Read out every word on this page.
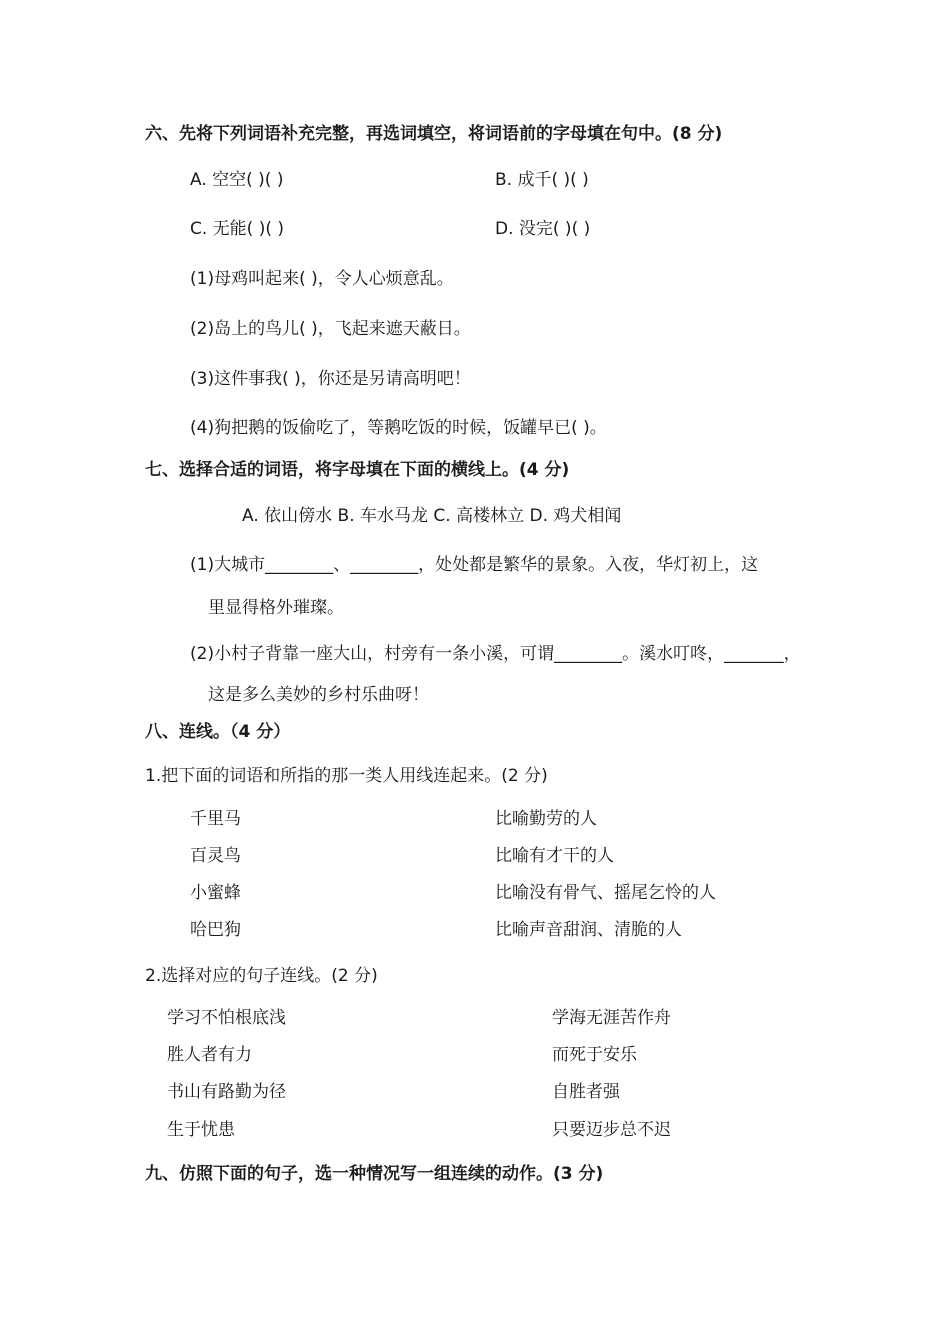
六、先将下列词语补充完整，再选词填空，将词语前的字母填在句中。(8 分)
A. 空空( )( )	B. 成千( )( )
C. 无能( )( )	D. 没完( )( )
(1)母鸡叫起来( )，令人心烦意乱。
(2)岛上的鸟儿( )，飞起来遮天蔽日。
(3)这件事我( )，你还是另请高明吧！
(4)狗把鹅的饭偷吃了，等鹅吃饭的时候，饭罐早已( )。
七、选择合适的词语，将字母填在下面的横线上。(4 分)
A. 依山傍水 B. 车水马龙 C. 高楼林立 D. 鸡犬相闻
(1)大城市________、________，处处都是繁华的景象。入夜，华灯初上，这
里显得格外璀璨。
(2)小村子背靠一座大山，村旁有一条小溪，可谓________。溪水叮咚，_______，
这是多么美妙的乡村乐曲呀！
八、连线。（4 分）
1.把下面的词语和所指的那一类人用线连起来。(2 分)
千里马	比喻勤劳的人
百灵鸟	比喻有才干的人
小蜜蜂	比喻没有骨气、摇尾乞怜的人
哈巴狗	比喻声音甜润、清脆的人
2.选择对应的句子连线。(2 分)
学习不怕根底浅	学海无涯苦作舟
胜人者有力	而死于安乐
书山有路勤为径	自胜者强
生于忧患	只要迈步总不迟
九、仿照下面的句子，选一种情况写一组连续的动作。(3 分)
